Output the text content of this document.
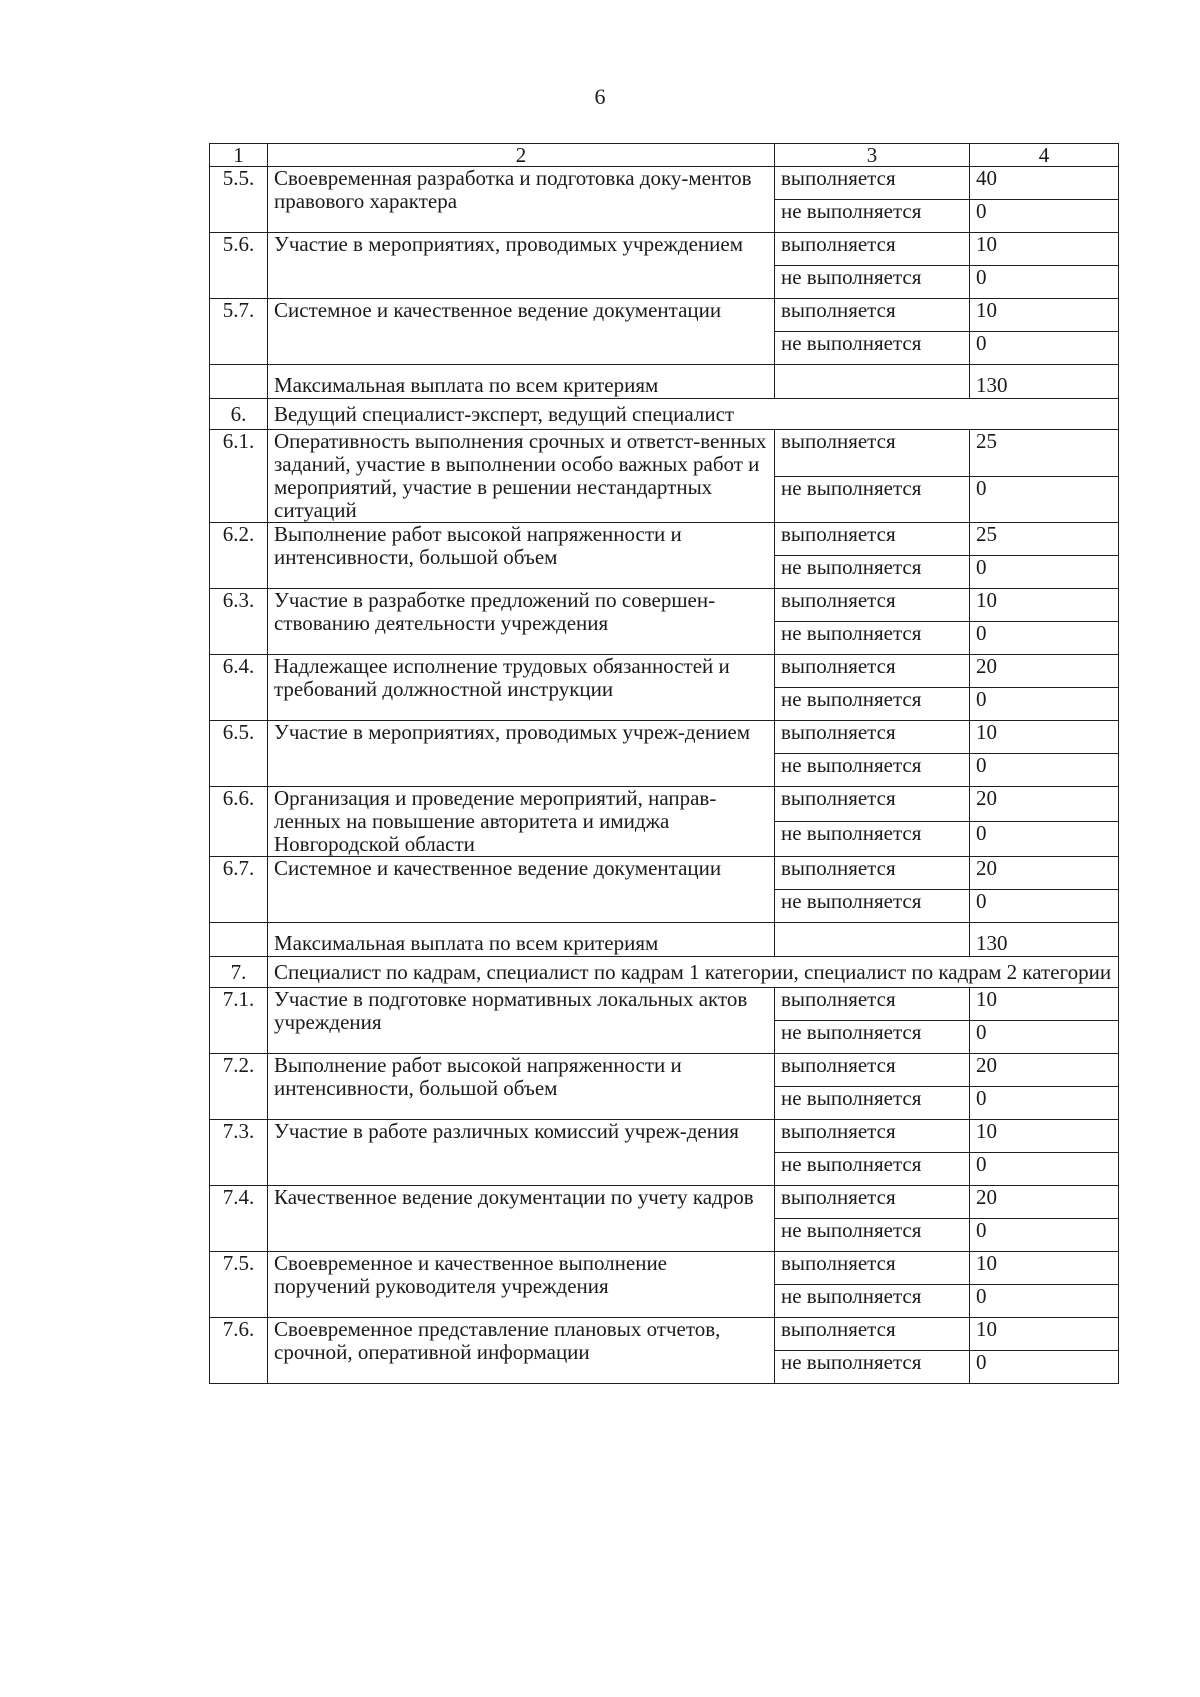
6
1	2	3	4
5.5.	Своевременная разработка и подготовка доку-ментов правового характера	выполняется	40
		не выполняется	0
5.6.	Участие в мероприятиях, проводимых учреждением	выполняется	10
		не выполняется	0
5.7.	Системное и качественное ведение документации	выполняется	10
		не выполняется	0
	Максимальная выплата по всем критериям		130
6.	Ведущий специалист-эксперт, ведущий специалист		
6.1.	Оперативность выполнения срочных и ответст-венных заданий, участие в выполнении особо важных работ и мероприятий, участие в решении нестандартных ситуаций	выполняется	25
		не выполняется	0
6.2.	Выполнение работ высокой напряженности и интенсивности, большой объем	выполняется	25
		не выполняется	0
6.3.	Участие в разработке предложений по совершен-ствованию деятельности учреждения	выполняется	10
		не выполняется	0
6.4.	Надлежащее исполнение трудовых обязанностей и требований должностной инструкции	выполняется	20
		не выполняется	0
6.5.	Участие в мероприятиях, проводимых учреж-дением	выполняется	10
		не выполняется	0
6.6.	Организация и проведение мероприятий, направ-ленных на повышение авторитета и имиджа Новгородской области	выполняется	20
		не выполняется	0
6.7.	Системное и качественное ведение документации	выполняется	20
		не выполняется	0
	Максимальная выплата по всем критериям		130
7.	Специалист по кадрам, специалист по кадрам 1 категории, специалист по кадрам 2 категории		
7.1.	Участие в подготовке нормативных локальных актов учреждения	выполняется	10
		не выполняется	0
7.2.	Выполнение работ высокой напряженности и интенсивности, большой объем	выполняется	20
		не выполняется	0
7.3.	Участие в работе различных комиссий учреж-дения	выполняется	10
		не выполняется	0
7.4.	Качественное ведение документации по учету кадров	выполняется	20
		не выполняется	0
7.5.	Своевременное и качественное выполнение поручений руководителя учреждения	выполняется	10
		не выполняется	0
7.6.	Своевременное представление плановых отчетов, срочной, оперативной информации	выполняется	10
		не выполняется	0
